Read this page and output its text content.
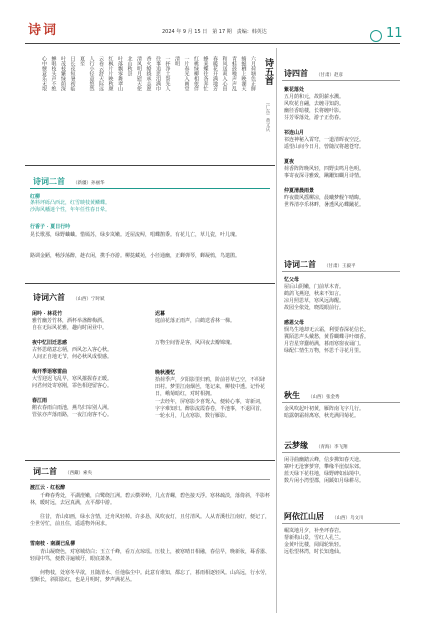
诗词	2024 年 9 月 15 日　第 17 期　责编：韩英达	11
诗五首
（广东）黄文庆
六月荷塘色正鲜
蜻蜓栖上映湖天
青蛙鼓噪声声乱
和风送爽入心田
春暖花开满地芳
蜂来蝶往各奔忙
红桃绿柳相依伴
一片春光入画堂
清明
一抔净土祭先人
往事追思泪满巾
香火缭绕承志愿
清风明月慰天伦
北山秋景
叶落飘零舞翠山
红枫片片映秋颜
云卷云舒天际远
人行小径意悠然
夏至
日长夜短暑初临
叶茂枝繁绿荫深
蝉唱枝头声不绝
心中惬意乐无垠
诗词二首 （新疆）孙丽华
红柳
条料坪砾凸西北，红雪映枝黄鳞蝶。
沙海风幡迷个性，年年任性春日晕。
行香子 · 夏日行吟
晃长歌那，绿野蛐蛐。惜嫣苏，绿步岚嫩。近屋流鲟，唱蝶鹊黍。有花儿亡，草儿瓷，叶儿瑰。
路调金陋，畅莎荡醉，趁衣闲，携手亦游。柳挞藏苑，小径通幽，正蝉弹琴，蝉凝鸫，鸟遣鹃。
诗词六首 （山西）宁时斌
闲吟 · 林花竹
雅竹幽芳竹林，酒杯举盏醉梅酒。
自在无际风花雅，趣向时闲业中。
夜中忆旧迁思感
古怀思绪意忘柄，西风怎入客心秋。
人间正自地无节，何必秋风成恨感。
梅开季语寒雷曲
大雪迎迟飞乱早，寒风摧握春正暖。
问君何处寄寒刚，霏色相迎留客心。
春江雨
鹅衣春雨白雨池，燕鸟归帘别人洲。
管弦亦声落雨路，一夜江南客不心。
迟暮
庭前花落正雨声，白鹤送香林一梯。
万物尘间皆是客，风回夜去瓣锦瑰。
晚秋漫忆
拾荷季声，夕阳影里归鸦，阶前苔草已空，不织肆田村。梦里江南烟芭，笔记来，柳枝中透。记怜花日，峨菊暗红，对时相拥。
一去经年，屏寒影少喜鸳入，便转心事，寄新词，字字难知归。醉影流霞春卷，半池事，不退回首，一轮水月，几点寒影，数行雁影。
词二首 （西藏）索央
渡江云 · 红松醉
千峰春秀处，平湖澄嫩，白鹭绕江洲。碧云横翠岭，几点青螺，碧色接天浮。寒林疏淡，落倚斜，半影杯林，暖时远，去冠真满，点平都中游。
往昔，青山如画，绿水含情，迁舟风轻棹。许多恳，凤吹夜灯，且付清风。人从青溪杜江南好，便记了，尘世劳忙，前且住，遥遥物外闲求。
雪南枝 · 南湖已乱柳
青山凝晓色，对寒城幼白；玉立千峰，看万点琼瑶。压枝上，被寒晴日相融，春信早，晚新妆，蓦香嚣、轻闻中笃，便教寻遍城圩，眼底萧条。
何物枝，处寒冬早欲，且随清水、任他临尘中。此意有谁知，都忘了，暮雨相逐轻风。山高远，行水劳，望断长，斜阳影红，也是月明时，梦声满花丛。
诗四首 （甘肃）赵彦
紫花落处
五月荫和元，故阴薪水溅。
风吹花自翩，去缠寻知韵。
幽径香暗楼，长将缠叶影。
芬芳零落处，游子正伤春。
祁连山月
祁连神秘入霄穹，一道清晖夜空泛。
遥望山间今日月，曾随汉将越苍穹。
夏夜
荷香阵阵晚风轻，四野虫鸣月色明。
事寄夜深寻雅致，蹒跚知蝴月诗情。
仲夏清晨雨景
昨夜微风摇柳凉，晨曦梦舰乍晴晦。
世界清亭乐林畔，暑透风沁蝶蹴花。
诗词二首 （甘肃）王毅平
忆父母
屋后山阴嫩，门前草木青。
鹤鸽飞燕迎，秋来不知言。
凉月照思草，寒风远海醒。
故园全依处，晓霞眼前行。
感恩父母
悯鸟生地却无云霜，利要春深花信长。
冀陌思声头戴愁，黄昏蝴蝶寻叶细香。
月岩星穿蠢萌满，暮雨寒窗夜诵门。
绿配仁情生万物，怀思千寻花月里。
秋生 （山西）张金秀
金风吹起叶初黄，雁阵南飞字几行。
暗露朝霜荷离寒，秋光满同菊花。
云梦缘 （青海）李飞翔
闲寻曲幽踏云峰，信步拂知春天途。
寨叶无沧寥萝穿，攀缘半崖似东郊。
蓝天绿下花柱地，绿野碑如仙境中。
数片闲小湾望郡，闲蹊如月绿耕尽。
阿依江山居 （山西）乌文川
崛岚地月夕，补坐坪春岩。
帮新构山景，雪红人孔兰。
金黄叶比楼，阅闻轮轨轻。
远松望林湾，时长知逸仙。
